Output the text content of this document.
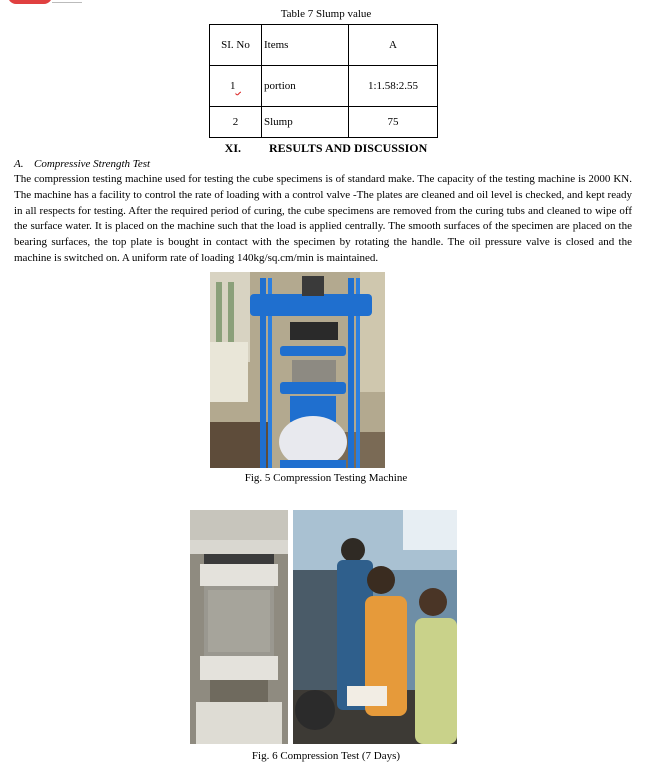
Table 7 Slump value
SI. No	Items	A
1	portion	1:1.58:2.55
2	Slump	75
XI. RESULTS AND DISCUSSION
A. Compressive Strength Test

The compression testing machine used for testing the cube specimens is of standard make. The capacity of the testing machine is 2000 KN. The machine has a facility to control the rate of loading with a control valve -The plates are cleaned and oil level is checked, and kept ready in all respects for testing. After the required period of curing, the cube specimens are removed from the curing tubs and cleaned to wipe off the surface water. It is placed on the machine such that the load is applied centrally. The smooth surfaces of the specimen are placed on the bearing surfaces, the top plate is bought in contact with the specimen by rotating the handle. The oil pressure valve is closed and the machine is switched on. A uniform rate of loading 140kg/sq.cm/min is maintained.

Fig. 5 Compression Testing Machine
Fig. 6 Compression Test (7 Days)
